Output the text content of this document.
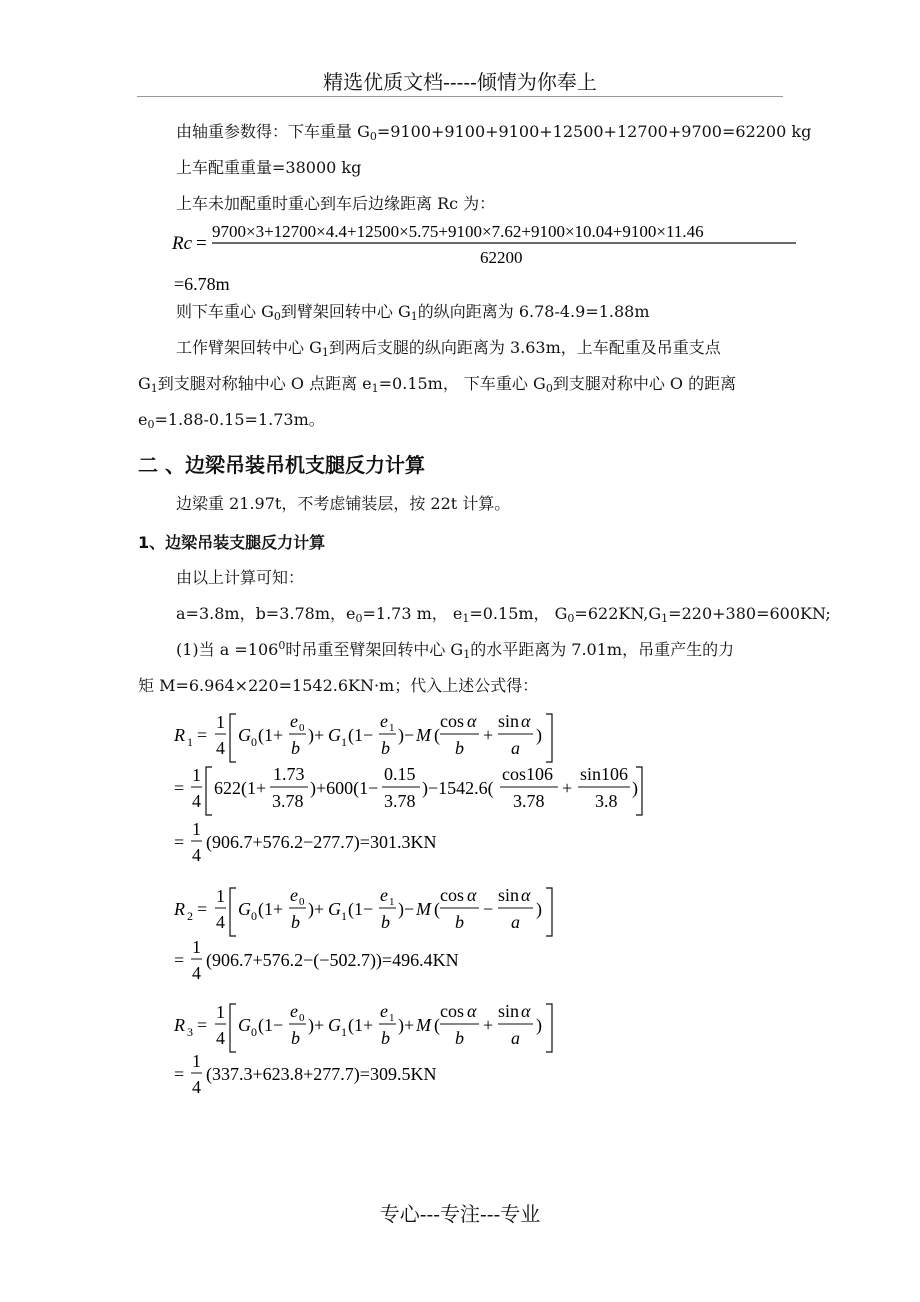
精选优质文档-----倾情为你奉上
由轴重参数得：下车重量 $G_0=9100+9100+9100+12500+12700+9700=62200$ kg
上车配重重量=38000 kg
上车未加配重时重心到车后边缘距离 Rc 为：
Rc =
9700×3+12700×4.4+12500×5.75+9100×7.62+9100×10.04+9100×11.46
62200
=6.78m
则下车重心 $G_0$到臂架回转中心 $G_1$的纵向距离为 6.78-4.9=1.88m
工作臂架回转中心 $G_1$到两后支腿的纵向距离为 3.63m，上车配重及吊重支点
$G_1$到支腿对称轴中心 O 点距离 $e_1=0.15m$， 下车重心 $G_0$到支腿对称中心 O 的距离
$e_0=1.88-0.15=1.73m$。
二 、边梁吊装吊机支腿反力计算
边梁重 21.97t，不考虑铺装层，按 22t 计算。
1、边梁吊装支腿反力计算
由以上计算可知：
a=3.8m，b=3.78m，$e_0=1.73$ m， $e_1=0.15m$， $G_0=622KN,G_1=220+380=600KN$;
(1)当 $a =106^0$时吊重至臂架回转中心 $G_1$的水平距离为 7.01m，吊重产生的力
矩 M=6.964×220=1542.6KN·m；代入上述公式得：
R 1 =
1
4
G 0 (1+
e 0
b
)+ G 1 (1−
e 1
b
)− M (
cos α
b
+
sin α
a
)
=
1
4
622(1+
1.73
3.78
)+600(1−
0.15
3.78
)−1542.6(
cos106
3.78
+
sin106
3.8
)
=
1
4
(906.7+576.2−277.7)=301.3KN
R 2 =
1
4
G 0 (1+
e 0
b
)+ G 1 (1−
e 1
b
)− M (
cos α
b
−
sin α
a
)
=
1
4
(906.7+576.2−(−502.7))=496.4KN
R 3 =
1
4
G 0 (1−
e 0
b
)+ G 1 (1+
e 1
b
)+ M (
cos α
b
+
sin α
a
)
=
1
4
(337.3+623.8+277.7)=309.5KN
专心---专注---专业
